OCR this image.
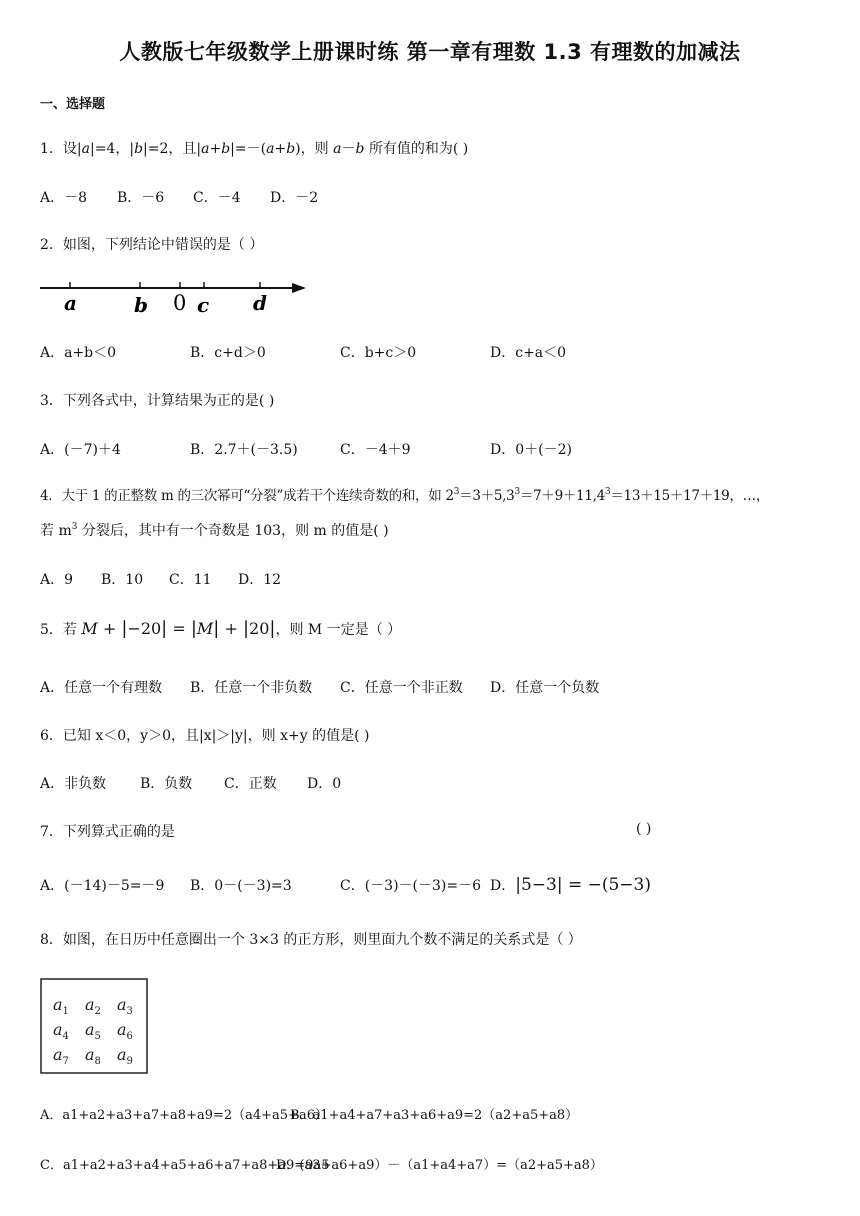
人教版七年级数学上册课时练 第一章有理数 1.3 有理数的加减法
一、选择题
1．设|a|=4，|b|=2，且|a+b|=－(a+b)，则 a－b 所有值的和为( )
A．－8 B．－6 C．－4 D．－2
2．如图，下列结论中错误的是（ ）
a	b 0 c d
A．a+b＜0	B．c+d＞0	C．b+c＞0	D．c+a＜0
3．下列各式中，计算结果为正的是( )
A．(－7)＋4	B．2.7＋(－3.5)	C．－4＋9	D．0＋(－2)
4．大于 1 的正整数 m 的三次幂可“分裂”成若干个连续奇数的和，如 $2^3=3+5,3^3=7+9+11,4^3=13+15+17+19$，…，
若 $m^3$ 分裂后，其中有一个奇数是 103，则 m 的值是( )
A．9 B．10 C．11 D．12
5．若 M + |−20| = |M| + |20|，则 M 一定是（ ）
A．任意一个有理数 B．任意一个非负数 C．任意一个非正数 D．任意一个负数
6．已知 x＜0，y＞0，且|x|＞|y|，则 x+y 的值是( )
A．非负数 B．负数 C．正数 D．0
7．下列算式正确的是	( )
A．(－14)－5=－9 B．0－(－3)=3	C．(－3)－(－3)=－6 D．|5−3| = −(5−3)
8．如图，在日历中任意圈出一个 3×3 的正方形，则里面九个数不满足的关系式是（ ）
$a_1$ $a_2$ $a_3$
$a_4$ $a_5$ $a_6$
$a_7$ $a_8$ $a_9$
A．a1+a2+a3+a7+a8+a9=2（a4+a5+a6）
B．a1+a4+a7+a3+a6+a9=2（a2+a5+a8）
C．a1+a2+a3+a4+a5+a6+a7+a8+a9=9a5
D．(a3+a6+a9）－（a1+a4+a7）=（a2+a5+a8）
